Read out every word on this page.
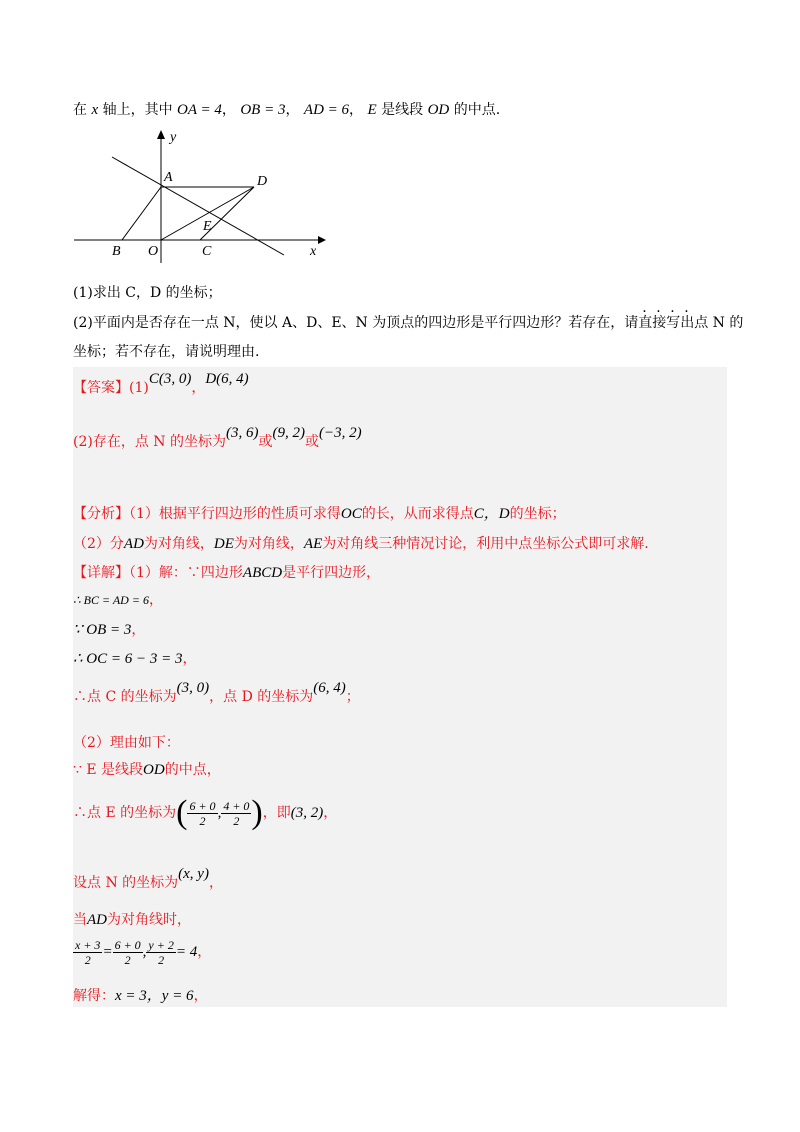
在 x 轴上，其中 OA = 4， OB = 3， AD = 6， E 是线段 OD 的中点.
y
x
A	D
E
B O	C
(1)求出 C，D 的坐标；
(2)平面内是否存在一点 N，使以 A、D、E、N 为顶点的四边形是平行四边形？若存在，请直接写出点 N 的
坐标；若不存在，请说明理由.
【答案】(1)C(3, 0)，D(6, 4)
(2)存在，点 N 的坐标为(3, 6)或(9, 2)或(−3, 2)
【分析】（1）根据平行四边形的性质可求得OC的长，从而求得点C，D的坐标；
（2）分AD为对角线，DE为对角线，AE为对角线三种情况讨论，利用中点坐标公式即可求解.
【详解】（1）解：∵四边形ABCD是平行四边形，
∴ BC = AD = 6，
∵ OB = 3，
∴ OC = 6 − 3 = 3，
∴点 C 的坐标为(3, 0)，点 D 的坐标为(6, 4)；
（2）理由如下：
∵ E 是线段OD的中点，
∴点 E 的坐标为( $\frac{6 + 0}{2}$ , $\frac{4 + 0}{2}$ )，即(3, 2)，
设点 N 的坐标为(x, y)，
当AD为对角线时，
$\frac{x + 3}{2} = \frac{6 + 0}{2}$ , $\frac{y + 2}{2} = 4$，
解得：x = 3，y = 6，
